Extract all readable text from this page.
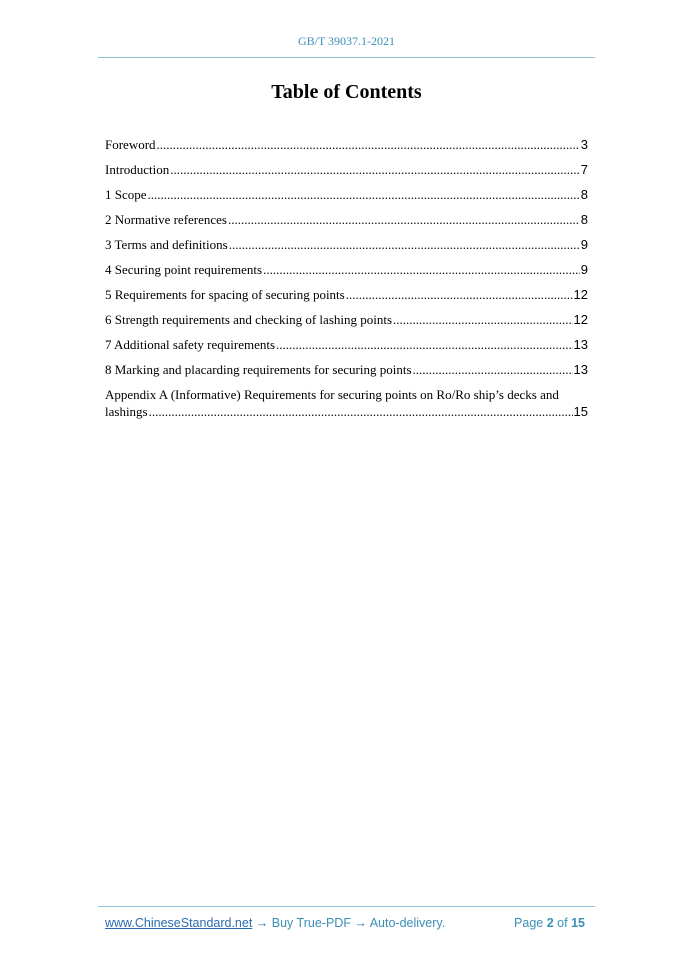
GB/T 39037.1-2021
Table of Contents
Foreword .....	3
Introduction .....	7
1 Scope .....	8
2 Normative references .....	8
3 Terms and definitions .....	9
4 Securing point requirements .....	9
5 Requirements for spacing of securing points .....	12
6 Strength requirements and checking of lashing points .....	12
7 Additional safety requirements .....	13
8 Marking and placarding requirements for securing points .....	13
Appendix A (Informative) Requirements for securing points on Ro/Ro ship’s decks and
lashings .....	15
www.ChineseStandard.net → Buy True-PDF → Auto-delivery.	Page 2 of 15
